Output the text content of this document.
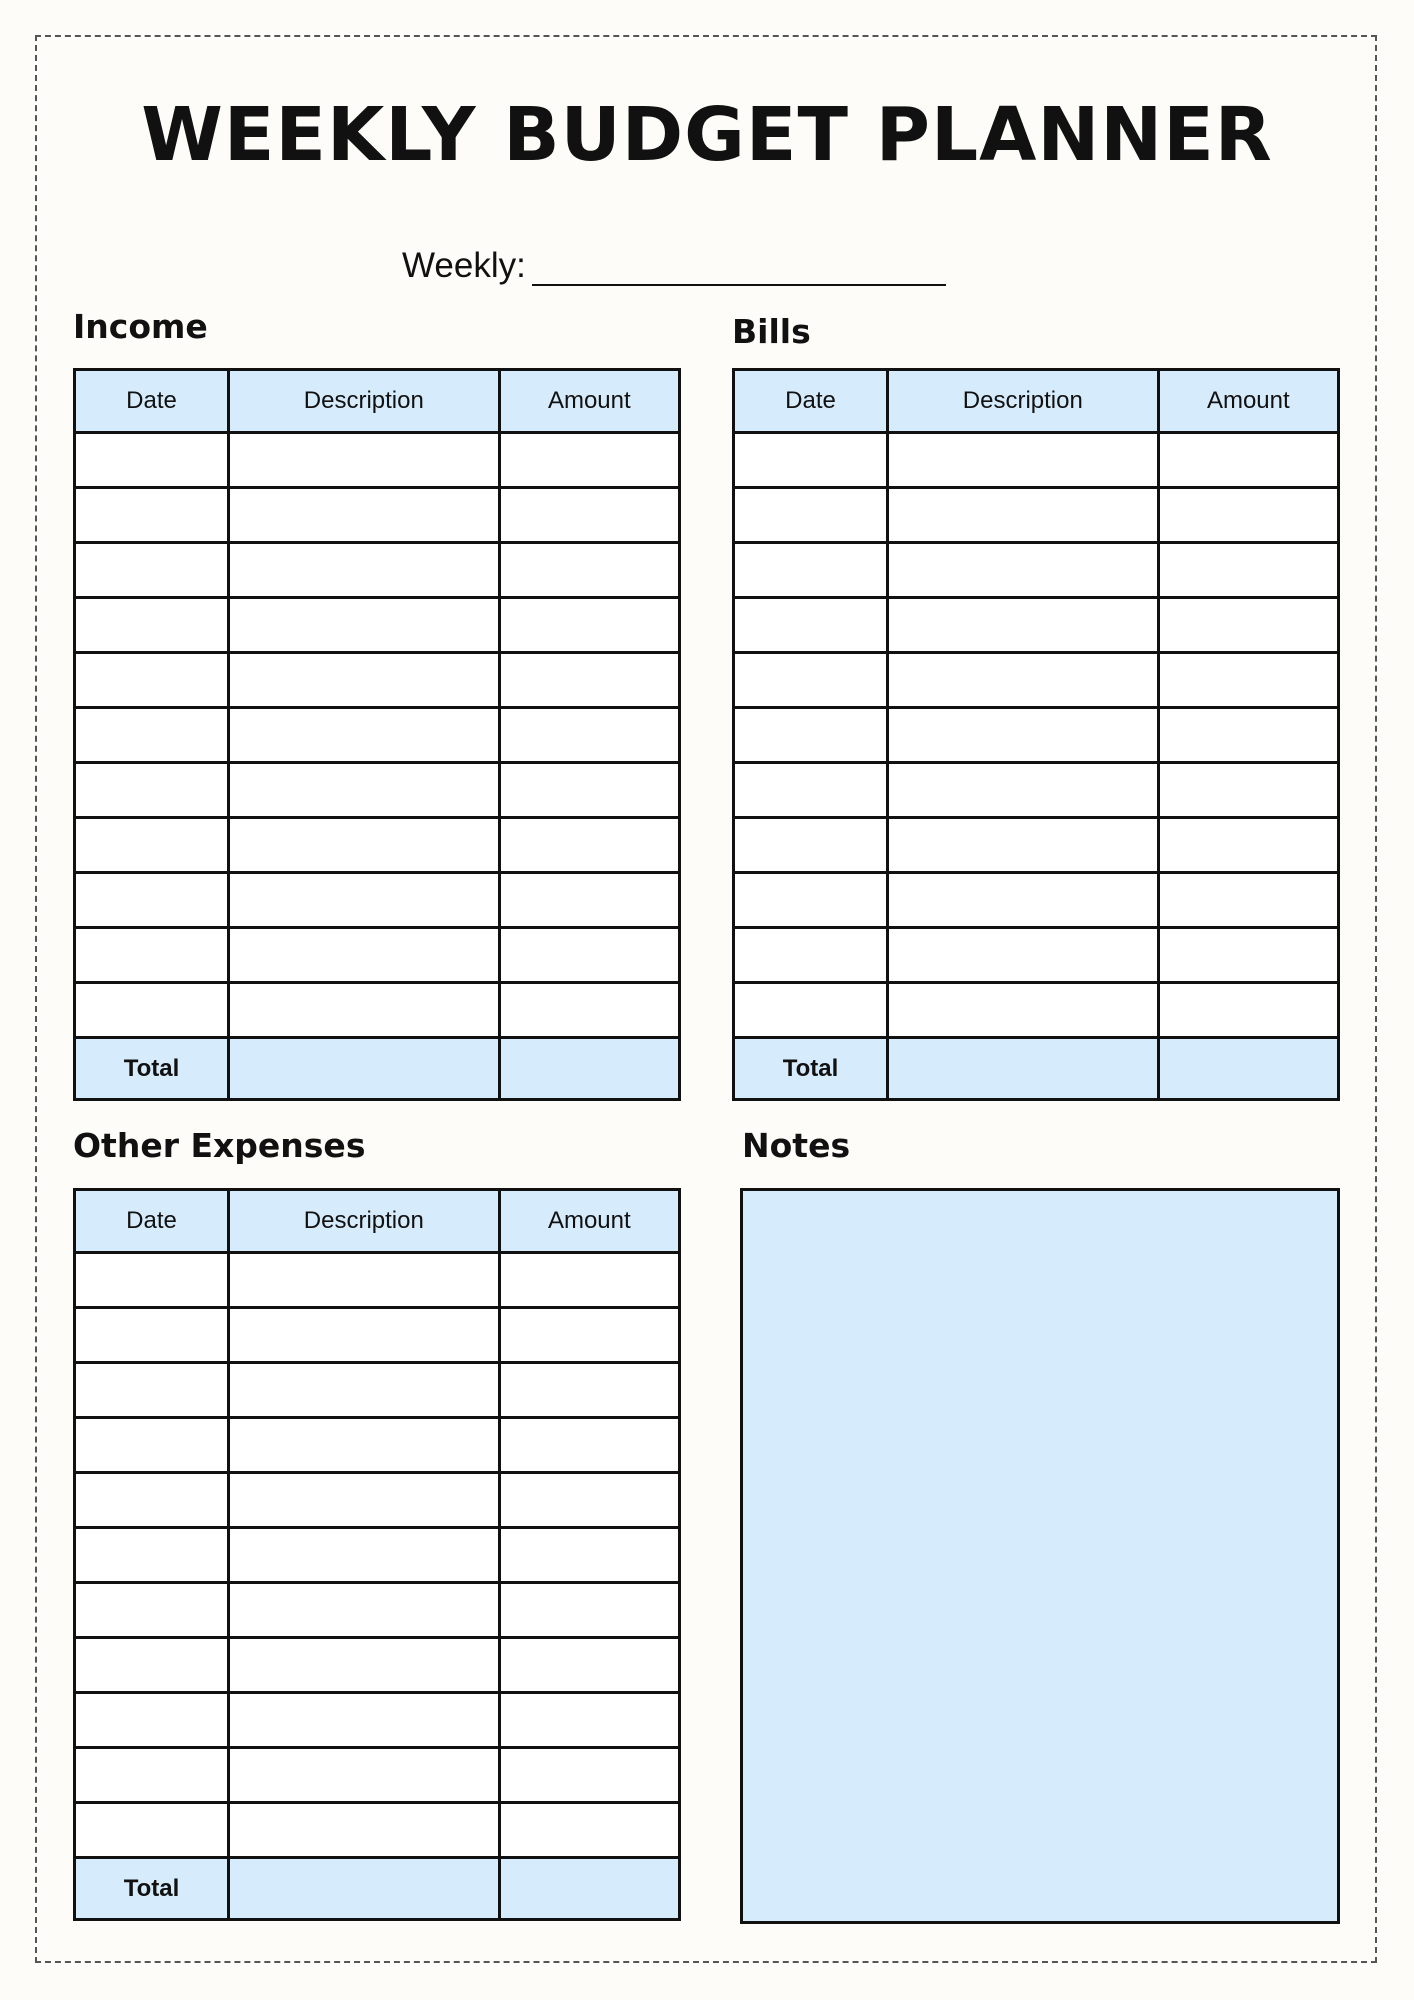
WEEKLY BUDGET PLANNER
Weekly:
Income
Date	Description	Amount

Total		
Bills
Date	Description	Amount

Total		
Other Expenses
Date	Description	Amount

Total		
Notes
